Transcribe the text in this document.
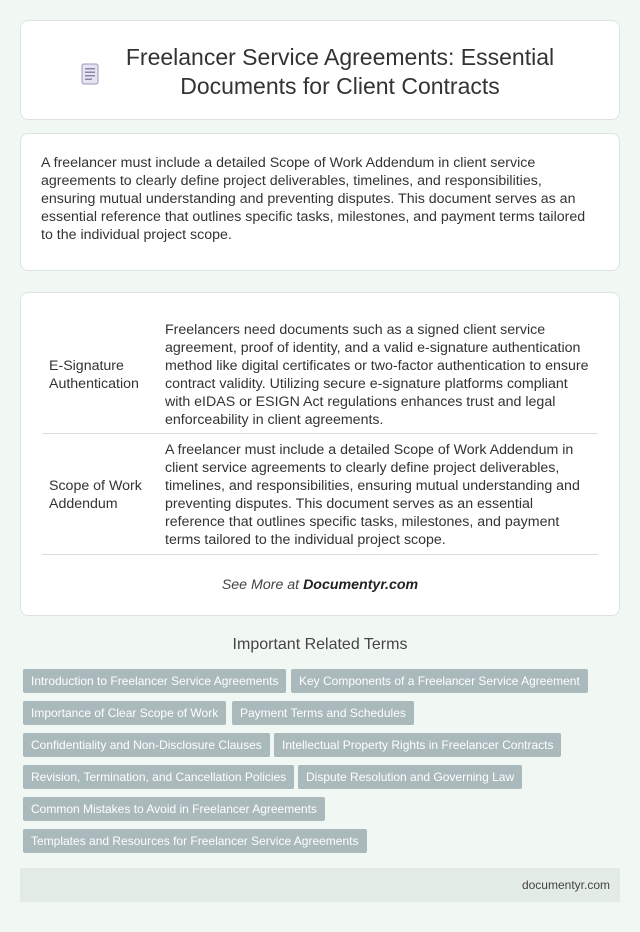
Freelancer Service Agreements: Essential Documents for Client Contracts

A freelancer must include a detailed Scope of Work Addendum in client service agreements to clearly define project deliverables, timelines, and responsibilities, ensuring mutual understanding and preventing disputes. This document serves as an essential reference that outlines specific tasks, milestones, and payment terms tailored to the individual project scope.

E-Signature Authentication
Freelancers need documents such as a signed client service agreement, proof of identity, and a valid e-signature authentication method like digital certificates or two-factor authentication to ensure contract validity. Utilizing secure e-signature platforms compliant with eIDAS or ESIGN Act regulations enhances trust and legal enforceability in client agreements.
Scope of Work Addendum
A freelancer must include a detailed Scope of Work Addendum in client service agreements to clearly define project deliverables, timelines, and responsibilities, ensuring mutual understanding and preventing disputes. This document serves as an essential reference that outlines specific tasks, milestones, and payment terms tailored to the individual project scope.
See More at Documentyr.com
Important Related Terms
Introduction to Freelancer Service Agreements	Key Components of a Freelancer Service Agreement
Importance of Clear Scope of Work	Payment Terms and Schedules
Confidentiality and Non-Disclosure Clauses	Intellectual Property Rights in Freelancer Contracts
Revision, Termination, and Cancellation Policies	Dispute Resolution and Governing Law
Common Mistakes to Avoid in Freelancer Agreements
Templates and Resources for Freelancer Service Agreements
documentyr.com
